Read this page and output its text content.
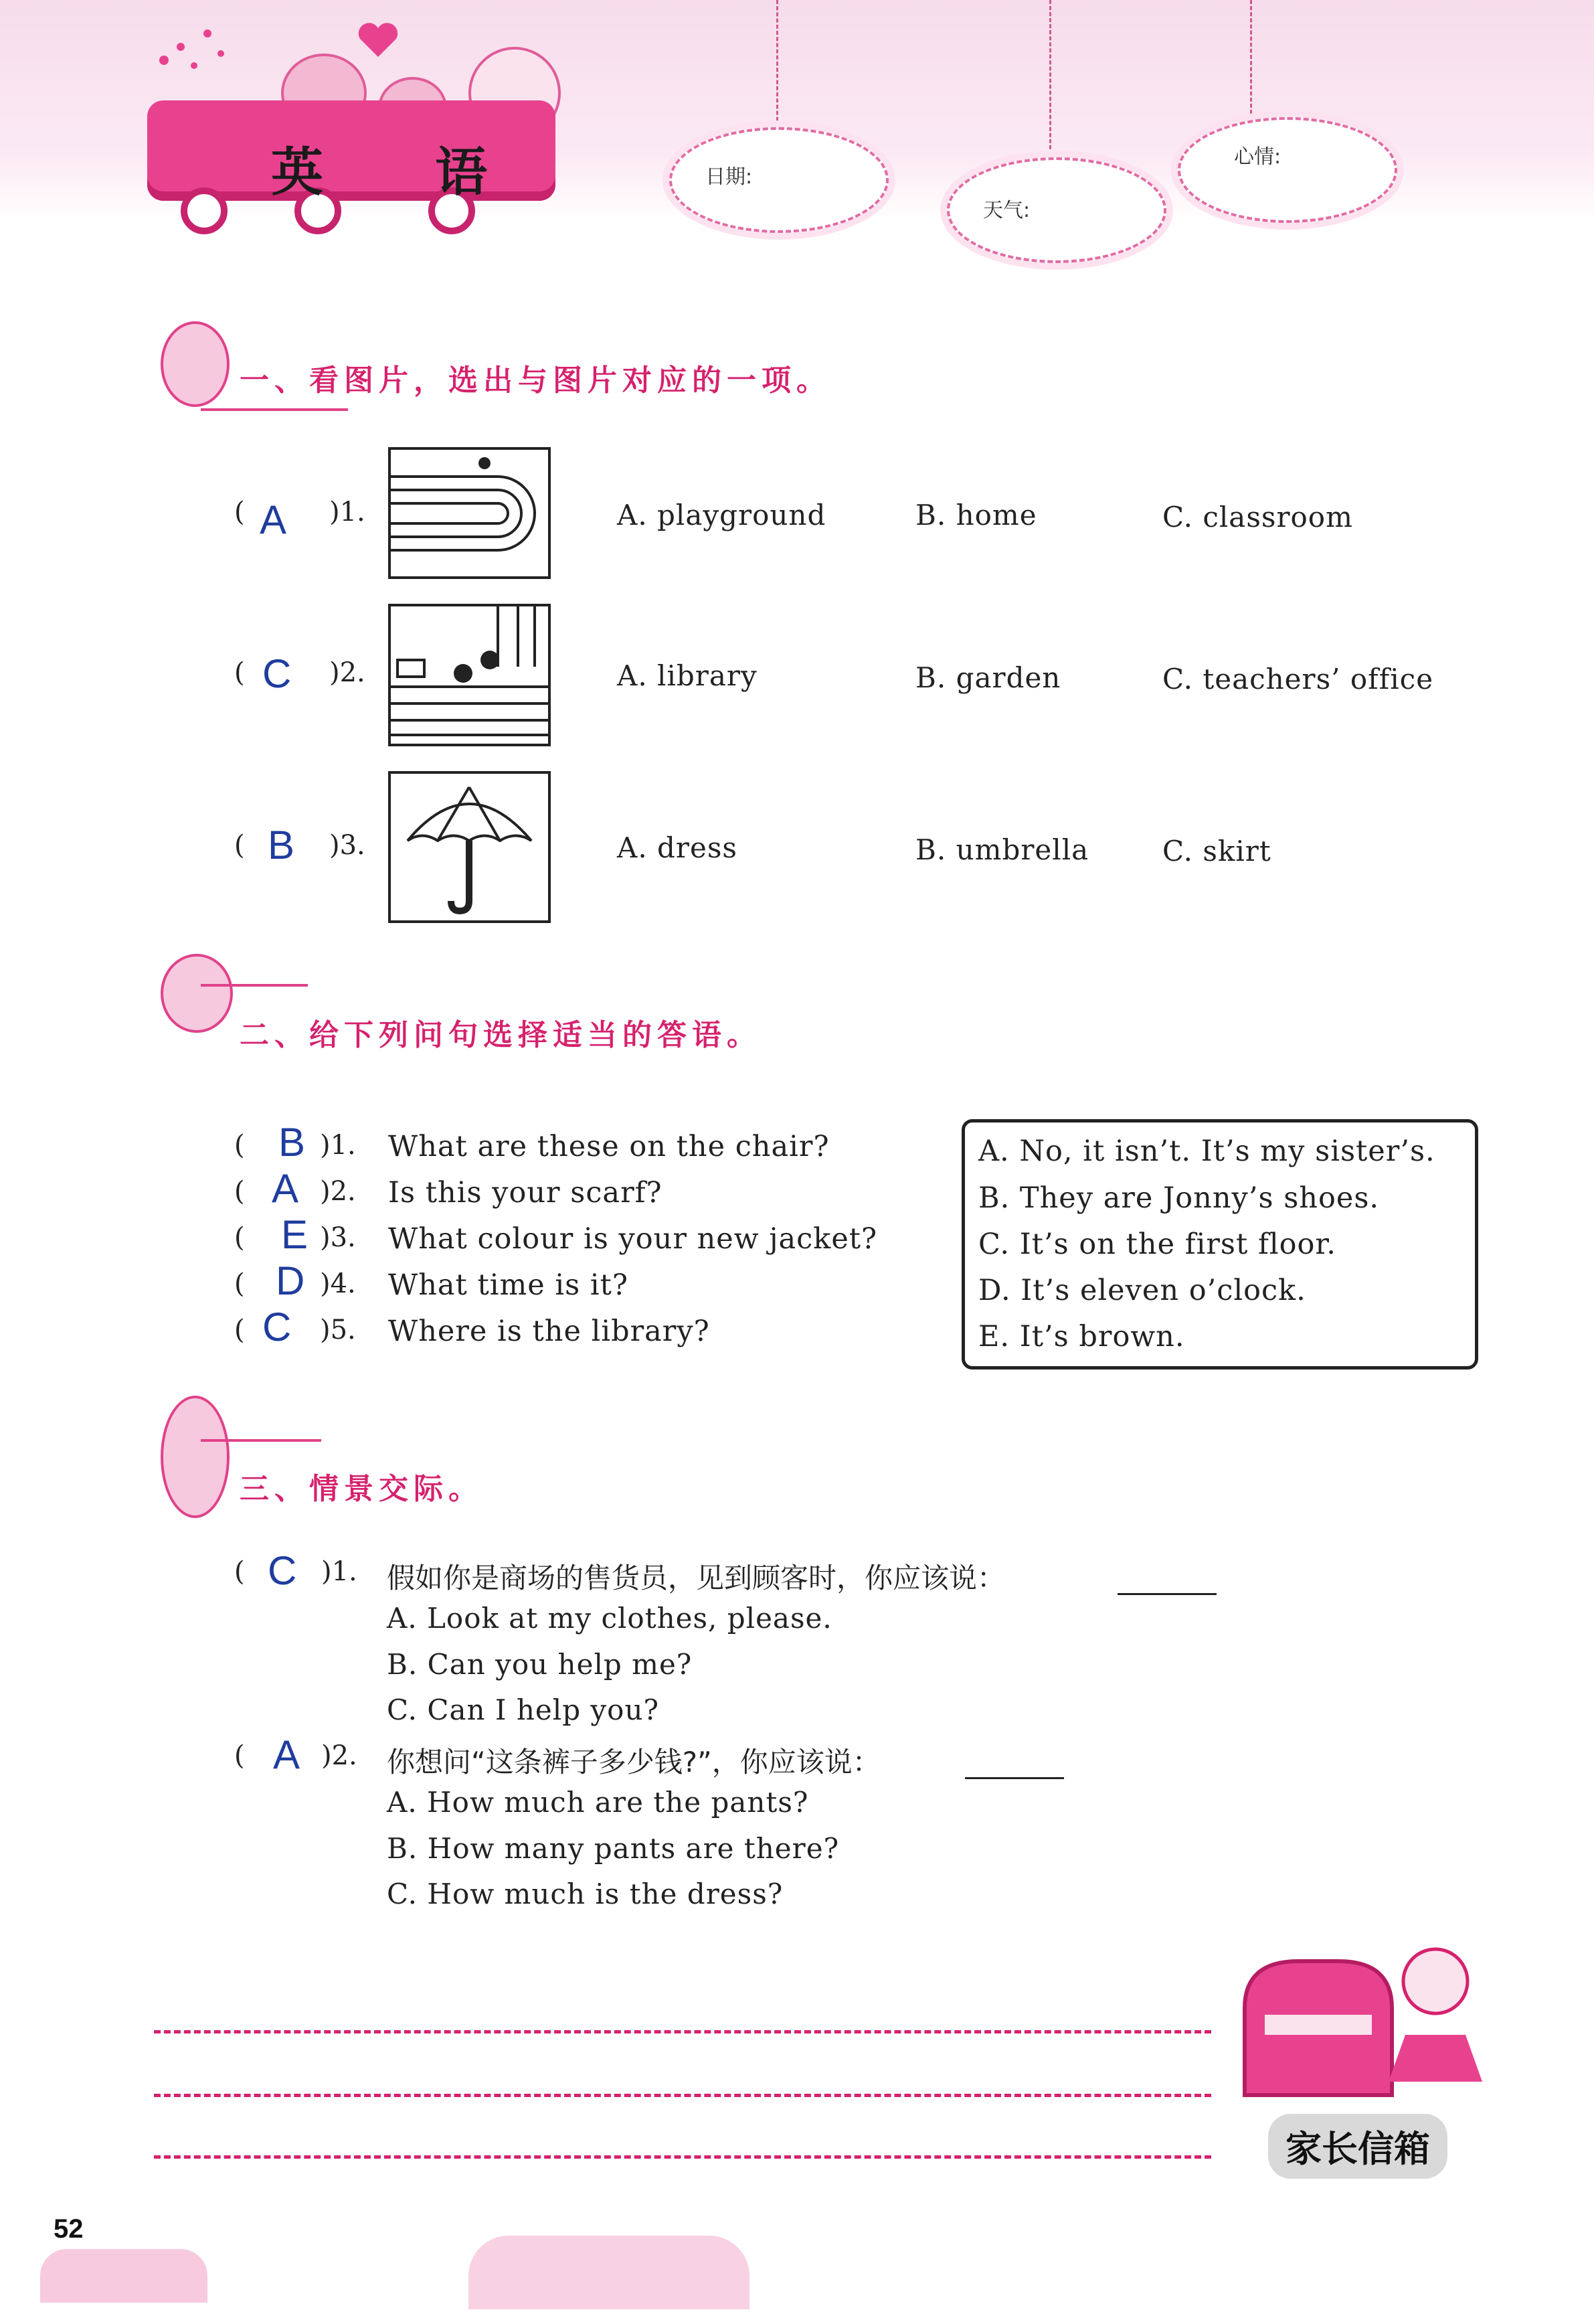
英 语	日期:
天气:
心情:
一、看图片，选出与图片对应的一项。
( A )1.	A. playground	B. home	C. classroom
( C )2.	A. library	B. garden	C. teachers’ office
( B )3.	A. dress	B. umbrella	C. skirt
二、给下列问句选择适当的答语。
( B )1. What are these on the chair?
( A )2. Is this your scarf?
( E )3. What colour is your new jacket?
( D )4. What time is it?
( C )5. Where is the library?
A. No, it isn’t. It’s my sister’s.
B. They are Jonny’s shoes.
C. It’s on the first floor.
D. It’s eleven o’clock.
E. It’s brown.
三、情景交际。
( C )1. 假如你是商场的售货员，见到顾客时，你应该说：
A. Look at my clothes, please.
B. Can you help me?
C. Can I help you?
( A )2. 你想问“这条裤子多少钱?”，你应该说：
A. How much are the pants?
B. How many pants are there?
C. How much is the dress?
家长信箱
52
